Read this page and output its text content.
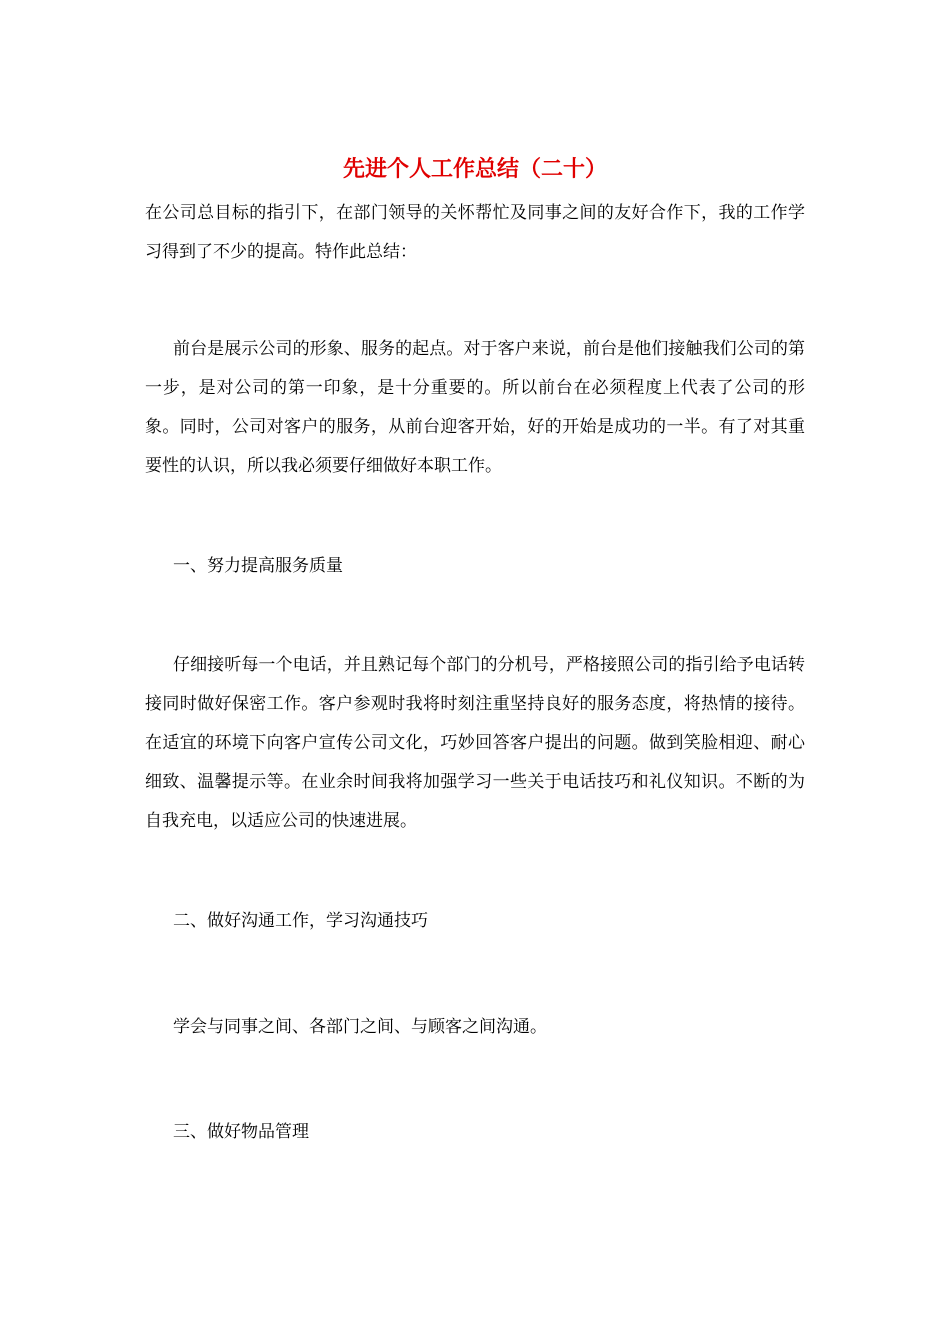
先进个人工作总结（二十）

在公司总目标的指引下，在部门领导的关怀帮忙及同事之间的友好合作下，我的工作学习得到了不少的提高。特作此总结：

前台是展示公司的形象、服务的起点。对于客户来说，前台是他们接触我们公司的第一步，是对公司的第一印象，是十分重要的。所以前台在必须程度上代表了公司的形象。同时，公司对客户的服务，从前台迎客开始，好的开始是成功的一半。有了对其重要性的认识，所以我必须要仔细做好本职工作。

一、努力提高服务质量

仔细接听每一个电话，并且熟记每个部门的分机号，严格接照公司的指引给予电话转接同时做好保密工作。客户参观时我将时刻注重坚持良好的服务态度，将热情的接待。在适宜的环境下向客户宣传公司文化，巧妙回答客户提出的问题。做到笑脸相迎、耐心细致、温馨提示等。在业余时间我将加强学习一些关于电话技巧和礼仪知识。不断的为自我充电，以适应公司的快速进展。

二、做好沟通工作，学习沟通技巧

学会与同事之间、各部门之间、与顾客之间沟通。

三、做好物品管理
